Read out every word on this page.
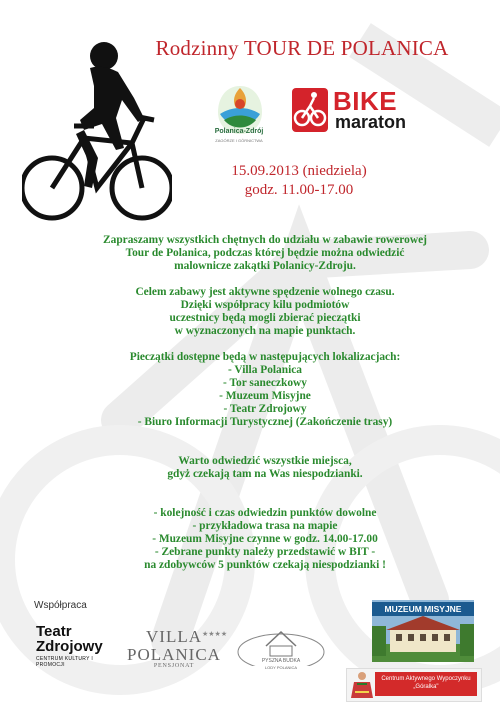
Rodzinny TOUR DE POLANICA
Polanica-Zdrój
ZAGÓRZE I GÓRNICTWA
BIKE
maraton
15.09.2013 (niedziela)
godz. 11.00-17.00

Zapraszamy wszystkich chętnych do udziału w zabawie rowerowej

Tour de Polanica, podczas której będzie można odwiedzić

malownicze zakątki Polanicy-Zdroju.

Celem zabawy jest aktywne spędzenie wolnego czasu.

Dzięki współpracy kilu podmiotów

uczestnicy będą mogli zbierać pieczątki

w wyznaczonych na mapie punktach.

Pieczątki dostępne będą w następujących lokalizacjach:

- Villa Polanica

- Tor saneczkowy

- Muzeum Misyjne

- Teatr Zdrojowy

- Biuro Informacji Turystycznej (Zakończenie trasy)

Warto odwiedzić wszystkie miejsca,

gdyż czekają tam na Was niespodzianki.

- kolejność i czas odwiedzin punktów dowolne

- przykładowa trasa na mapie

- Muzeum Misyjne czynne w godz. 14.00-17.00

- Zebrane punkty należy przedstawić w BIT -

na zdobywców 5 punktów czekają niespodzianki !

Współpraca
Teatr
Zdrojowy
CENTRUM KULTURY I PROMOCJI
★★★★
VILLA
POLANICA
PENSJONAT
PYSZNA BUDKA
LODY POLANICA
MUZEUM MISYJNE
Centrum Aktywnego Wypoczynku
„Góralka"
